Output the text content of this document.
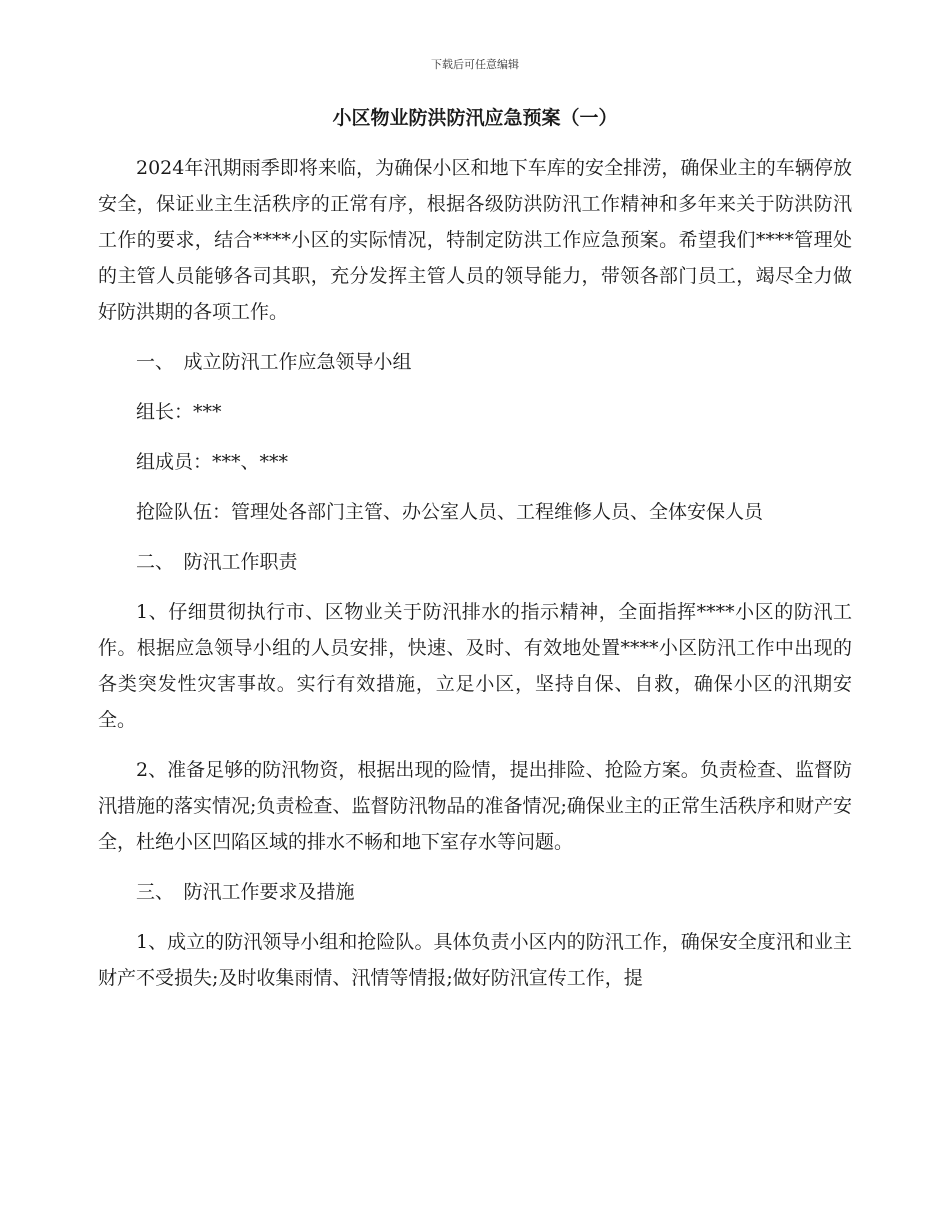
下载后可任意编辑
小区物业防洪防汛应急预案（一）

2024年汛期雨季即将来临，为确保小区和地下车库的安全排涝，确保业主的车辆停放安全，保证业主生活秩序的正常有序，根据各级防洪防汛工作精神和多年来关于防洪防汛工作的要求，结合****小区的实际情况，特制定防洪工作应急预案。希望我们****管理处的主管人员能够各司其职，充分发挥主管人员的领导能力，带领各部门员工，竭尽全力做好防洪期的各项工作。

一、　成立防汛工作应急领导小组

组长：***

组成员：***、***

抢险队伍：管理处各部门主管、办公室人员、工程维修人员、全体安保人员

二、　防汛工作职责

1、仔细贯彻执行市、区物业关于防汛排水的指示精神，全面指挥****小区的防汛工作。根据应急领导小组的人员安排，快速、及时、有效地处置****小区防汛工作中出现的各类突发性灾害事故。实行有效措施，立足小区，坚持自保、自救，确保小区的汛期安全。

2、准备足够的防汛物资，根据出现的险情，提出排险、抢险方案。负责检查、监督防汛措施的落实情况;负责检查、监督防汛物品的准备情况;确保业主的正常生活秩序和财产安全，杜绝小区凹陷区域的排水不畅和地下室存水等问题。

三、　防汛工作要求及措施

1、成立的防汛领导小组和抢险队。具体负责小区内的防汛工作，确保安全度汛和业主财产不受损失;及时收集雨情、汛情等情报;做好防汛宣传工作，提
